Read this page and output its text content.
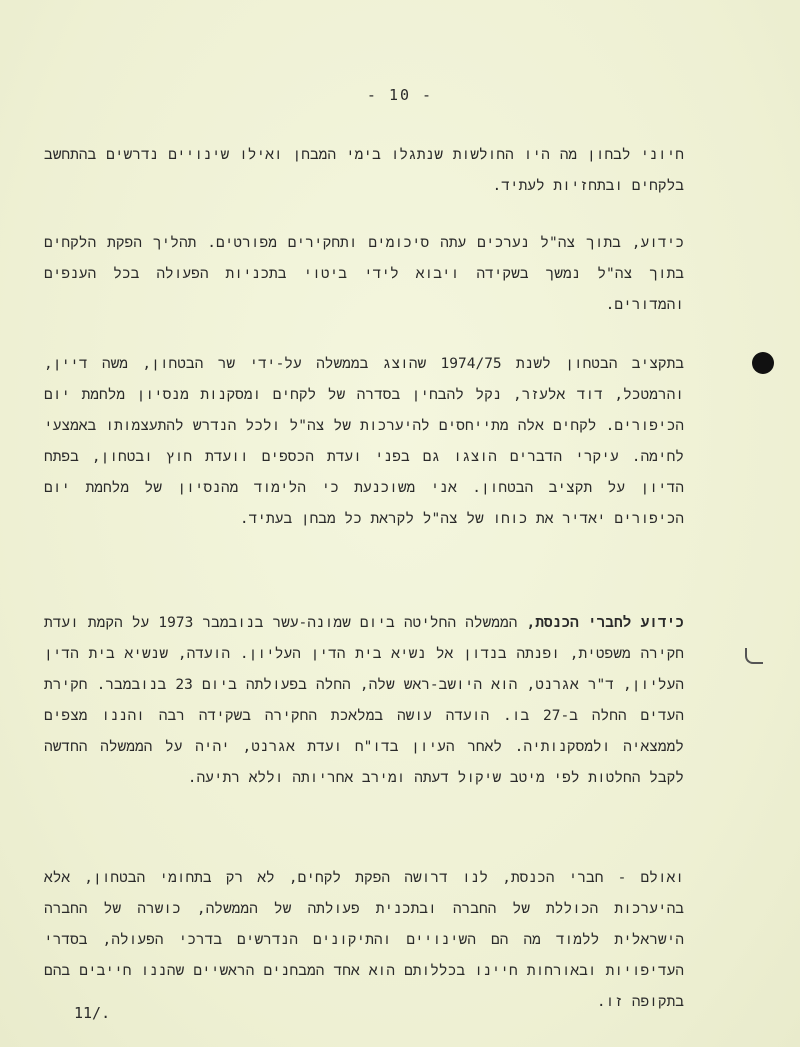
- 10 -
חיוני לבחון מה היו החולשות שנתגלו בימי המבחן ואילו שינויים נדרשים בהתחשב בלקחים ובתחזיות לעתיד.
כידוע, בתוך צה"ל נערכים עתה סיכומים ותחקירים מפורטים. תהליך הפקת הלקחים בתוך צה"ל נמשך בשקידה ויבוא לידי ביטוי בתכניות הפעולה בכל הענפים והמדורים.
בתקציב הבטחון לשנת 1974/75 שהוצג בממשלה על-ידי שר הבטחון, משה דיין, והרמטכל, דוד אלעזר, נקל להבחין בסדרה של לקחים ומסקנות מנסיון מלחמת יום הכיפורים. לקחים אלה מתייחסים להיערכות של צה"ל ולכל הנדרש להתעצמותו באמצעי לחימה. עיקרי הדברים הוצגו גם בפני ועדת הכספים וועדת חוץ ובטחון, בפתח הדיון על תקציב הבטחון. אני משוכנעת כי הלימוד מהנסיון של מלחמת יום הכיפורים יאדיר את כוחו של צה"ל לקראת כל מבחן בעתיד.
כידוע לחברי הכנסת, הממשלה החליטה ביום שמונה-עשר בנובמבר 1973 על הקמת ועדת חקירה משפטית, ופנתה בנדון אל נשיא בית הדין העליון. הועדה, שנשיא בית הדין העליון, ד"ר אגרנט, הוא היושב-ראש שלה, החלה בפעולתה ביום 23 בנובמבר. חקירת העדים החלה ב-27 בו. הועדה עושה במלאכת החקירה בשקידה רבה והננו מצפים לממצאיה ולמסקנותיה. לאחר העיון בדו"ח ועדת אגרנט, יהיה על הממשלה החדשה לקבל החלטות לפי מיטב שיקול דעתה ומירב אחריותה וללא רתיעה.
ואולם - חברי הכנסת, לנו דרושה הפקת לקחים, לא רק בתחומי הבטחון, אלא בהיערכות הכוללת של החברה ובתכנית פעולתה של הממשלה, כושרה של החברה הישראלית ללמוד מה הם השינויים והתיקונים הנדרשים בדרכי הפעולה, בסדרי העדיפויות ובאורחות חיינו בכללותם הוא אחד המבחנים הראשיים שהננו חייבים בהם בתקופה זו.
11/.
